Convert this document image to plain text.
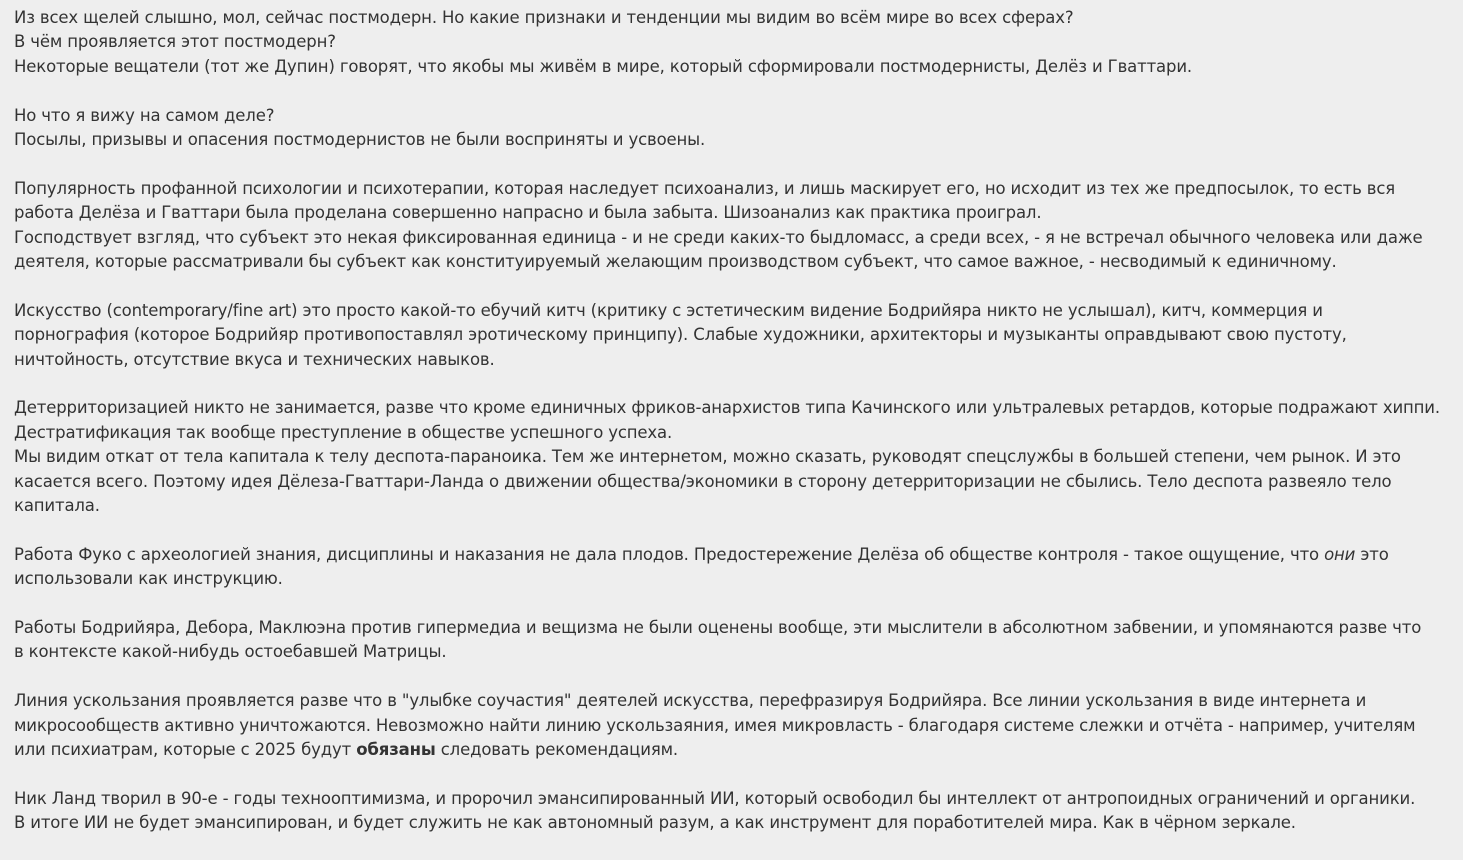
Из всех щелей слышно, мол, сейчас постмодерн. Но какие признаки и тенденции мы видим во всём мире во всех сферах?
В чём проявляется этот постмодерн?
Некоторые вещатели (тот же Дупин) говорят, что якобы мы живём в мире, который сформировали постмодернисты, Делёз и Гваттари.
Но что я вижу на самом деле?
Посылы, призывы и опасения постмодернистов не были восприняты и усвоены.
Популярность профанной психологии и психотерапии, которая наследует психоанализ, и лишь маскирует его, но исходит из тех же предпосылок, то есть вся
работа Делёза и Гваттари была проделана совершенно напрасно и была забыта. Шизоанализ как практика проиграл.
Господствует взгляд, что субъект это некая фиксированная единица - и не среди каких-то быдломасс, а среди всех, - я не встречал обычного человека или даже
деятеля, которые рассматривали бы субъект как конституируемый желающим производством субъект, что самое важное, - несводимый к единичному.
Искусство (contemporary/fine art) это просто какой-то ебучий китч (критику с эстетическим видение Бодрийяра никто не услышал), китч, коммерция и
порнография (которое Бодрийяр противопоставлял эротическому принципу). Слабые художники, архитекторы и музыканты оправдывают свою пустоту,
ничтойность, отсутствие вкуса и технических навыков.
Детерриторизацией никто не занимается, разве что кроме единичных фриков-анархистов типа Качинского или ультралевых ретардов, которые подражают хиппи.
Дестратификация так вообще преступление в обществе успешного успеха.
Мы видим откат от тела капитала к телу деспота-параноика. Тем же интернетом, можно сказать, руководят спецслужбы в большей степени, чем рынок. И это
касается всего. Поэтому идея Дёлеза-Гваттари-Ланда о движении общества/экономики в сторону детерриторизации не сбылись. Тело деспота развеяло тело
капитала.
Работа Фуко с археологией знания, дисциплины и наказания не дала плодов. Предостережение Делёза об обществе контроля - такое ощущение, что они это
использовали как инструкцию.
Работы Бодрийяра, Дебора, Маклюэна против гипермедиа и вещизма не были оценены вообще, эти мыслители в абсолютном забвении, и упомянаются разве что
в контексте какой-нибудь остоебавшей Матрицы.
Линия ускользания проявляется разве что в "улыбке соучастия" деятелей искусства, перефразируя Бодрийяра. Все линии ускользания в виде интернета и
микросообществ активно уничтожаются. Невозможно найти линию ускользаяния, имея микровласть - благодаря системе слежки и отчёта - например, учителям
или психиатрам, которые с 2025 будут обязаны следовать рекомендациям.
Ник Ланд творил в 90-е - годы технооптимизма, и пророчил эмансипированный ИИ, который освободил бы интеллект от антропоидных ограничений и органики.
В итоге ИИ не будет эмансипирован, и будет служить не как автономный разум, а как инструмент для поработителей мира. Как в чёрном зеркале.
